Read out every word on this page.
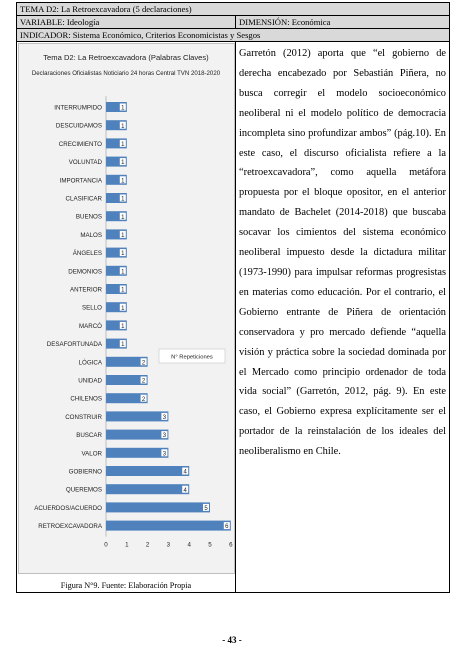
TEMA D2: La Retroexcavadora (5 declaraciones)
VARIABLE: Ideología	DIMENSIÓN: Económica
INDICADOR: Sistema Económico, Criterios Economicistas y Sesgos
Tema D2: La Retroexcavadora (Palabras Claves)
Declaraciones Oficialistas Noticiario 24 horas Central TVN 2018-2020
INTERRUMPIDO	1
DESCUIDAMOS	1
CRECIMIENTO	1
VOLUNTAD	1
IMPORTANCIA	1
CLASIFICAR	1
BUENOS	1
MALOS	1
ÁNGELES	1
DEMONIOS	1
ANTERIOR	1
SELLO	1
MARCÓ	1
DESAFORTUNADA	1
LÓGICA	2
UNIDAD	2
CHILENOS	2
CONSTRUIR	3
BUSCAR	3
VALOR	3
GOBIERNO	4
QUEREMOS	4
ACUERDOS/ACUERDO	5
RETROEXCAVADORA	6
N° Repeticiones
0	1	2	3	4	5	6
Figura N°9. Fuente: Elaboración Propia

Garretón (2012) aporta que “el gobierno de derecha encabezado por Sebastián Piñera, no busca corregir el modelo socioeconómico neoliberal ni el modelo político de democracia incompleta sino profundizar ambos” (pág.10). En este caso, el discurso oficialista refiere a la “retroexcavadora”, como aquella metáfora propuesta por el bloque opositor, en el anterior mandato de Bachelet (2014-2018) que buscaba socavar los cimientos del sistema económico neoliberal impuesto desde la dictadura militar (1973-1990) para impulsar reformas progresistas en materias como educación. Por el contrario, el Gobierno entrante de Piñera de orientación conservadora y pro mercado defiende “aquella visión y práctica sobre la sociedad dominada por el Mercado como principio ordenador de toda vida social” (Garretón, 2012, pág. 9). En este caso, el Gobierno expresa explícitamente ser el portador de la reinstalación de los ideales del neoliberalismo en Chile.

- 43 -
